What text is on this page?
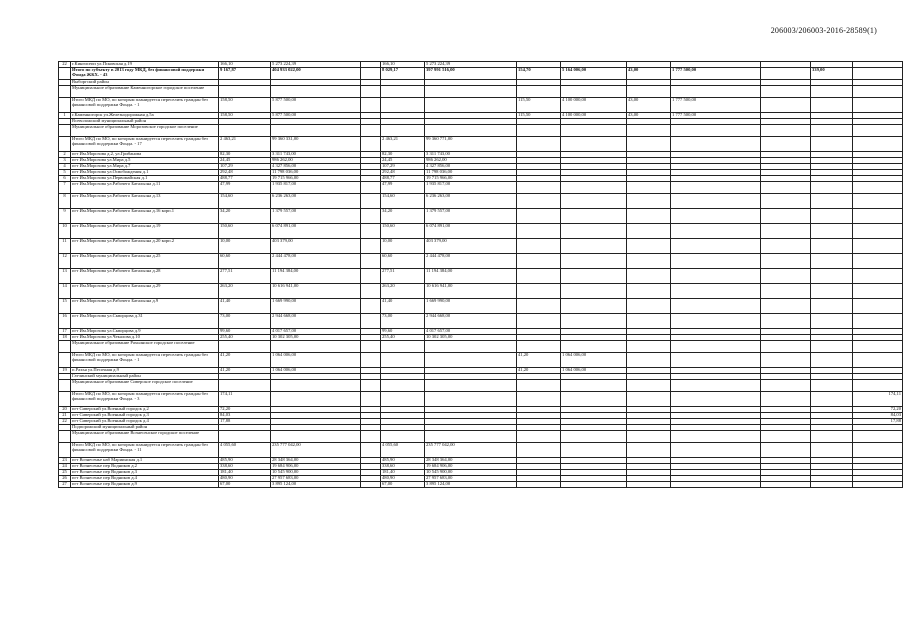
206003/206003-2016-28589(1)
22	г.Кингисепп ул.Псковская д.19	166,10	5 273 224,39		166,10	5 273 224,39							
	Итого по субъекту в 2013 году МКД, без финансовой поддержки Фонда ЖКХ. - 43	9 167,87	404 933 022,00		8 029,17	397 991 516,00	154,70	5 164 006,00	43,00	1 777 500,00		339,00	
	Выборгский район												
	Муниципальное образование Каменногорское городское поселение												
	Итого МКД по МО, по которым планируется переселить граждан без финансовой поддержки Фонда. - 1	158,50	5 877 500,00				115,50	4 100 000,00	43,00	1 777 500,00			
1	г.Каменногорск ул.Железнодорожная д.5а	158,50	5 877 500,00				115,50	4 100 000,00	43,00	1 777 500,00			
	Всеволожский муниципальный район												
	Муниципальное образование Морозовское городское поселение												
	Итого МКД по МО, по которым планируется переселить граждан без финансовой поддержки Фонда. - 17	2 463,21	99 360 331,00		2 463,21	99 360 771,00							
2	пгт Им.Морозова д.2, ул.Грибанова	82,30	3 311 743,00		82,30	3 311 743,00							
3	пгт Им.Морозова ул.Мира д.5	24,45	986 262,00		24,45	986 262,00							
4	пгт Им.Морозова ул.Мира д.7	107,29	4 327 856,00		107,29	4 327 856,00							
5	пгт Им.Морозова ул.Освобождения д.1	292,48	11 798 036,00		292,48	11 798 036,00							
6	пгт Им.Морозова ул.Первомайская д.1	488,77	19 715 966,00		488,77	19 715 966,00							
7	пгт Им.Морозова ул.Рабочего Батальона д.11	47,99	1 935 817,00		47,99	1 935 817,00							
8	пгт Им.Морозова ул.Рабочего Батальона д.13	154,60	6 236 263,00		154,60	6 236 263,00							
9	пгт Им.Морозова ул.Рабочего Батальона д.16 корп.1	34,20	1 379 557,00		34,20	1 379 557,00							
10	пгт Им.Морозова ул.Рабочего Батальона д.19	150,60	6 074 891,00		150,60	6 074 891,00							
11	пгт Им.Морозова ул.Рабочего Батальона д.20 корп.2	10,00	403 379,00		10,00	403 379,00							
12	пгт Им.Морозова ул.Рабочего Батальона д.25	60,60	2 444 478,00		60,60	2 444 478,00							
13	пгт Им.Морозова ул.Рабочего Батальона д.28	277,51	11 194 384,00		277,51	11 194 384,00							
14	пгт Им.Морозова ул.Рабочего Батальона д.29	263,20	10 616 941,00		263,20	10 616 941,00							
15	пгт Им.Морозова ул.Рабочего Батальона д.9	41,40	1 669 990,00		41,40	1 669 990,00							
16	пгт Им.Морозова ул.Скворцова д.31	73,00	2 944 668,00		73,00	2 944 668,00							
17	пгт Им.Морозова ул.Скворцова д.9	99,60	4 017 657,00		99,60	4 017 657,00							
18	пгт Им.Морозова ул.Чекалова д.10	255,40	10 302 305,00		255,40	10 302 305,00							
	Муниципальное образование Рахьинское городское поселение												
	Итого МКД по МО, по которым планируется переселить граждан без финансовой поддержки Фонда. - 1	41,20	1 064 006,00				41,20	1 064 006,00					
19	п.Рахья ул.Песочная д.9	41,20	1 064 006,00				41,20	1 064 006,00					
	Гатчинский муниципальный район												
	Муниципальное образование Сиверское городское поселение												
	Итого МКД по МО, по которым планируется переселить граждан без финансовой поддержки Фонда. - 3	174,11											174,11
20	пгт Сиверский ул.Военный городок д.2	72,20											72,20
21	пгт Сиверский ул.Военный городок д.3	84,03											84,03
22	пгт Сиверский ул.Военный городок д.4	17,88											17,88
	Подпорожский муниципальный район												
	Муниципальное образование Вознесенское городское поселение												
	Итого МКД по МО, по которым планируется переселить граждан без финансовой поддержки Фонда. - 11	4 055,60	235 777 042,00		4 055,60	235 777 042,00							
23	пгт Вознесенье наб Мариинская д.1	485,90	28 348 364,00		485,90	28 348 364,00							
24	пгт Вознесенье пер Водников д.2	338,60	19 684 906,00		338,60	19 684 906,00							
25	пгт Вознесенье пер Водников д.3	181,40	10 545 900,00		181,40	10 545 900,00							
26	пгт Вознесенье пер Водников д.4	480,90	27 957 683,00		480,90	27 957 683,00							
27	пгт Вознесенье пер Водников д.9	67,00	3 895 124,00		67,00	3 895 124,00							
